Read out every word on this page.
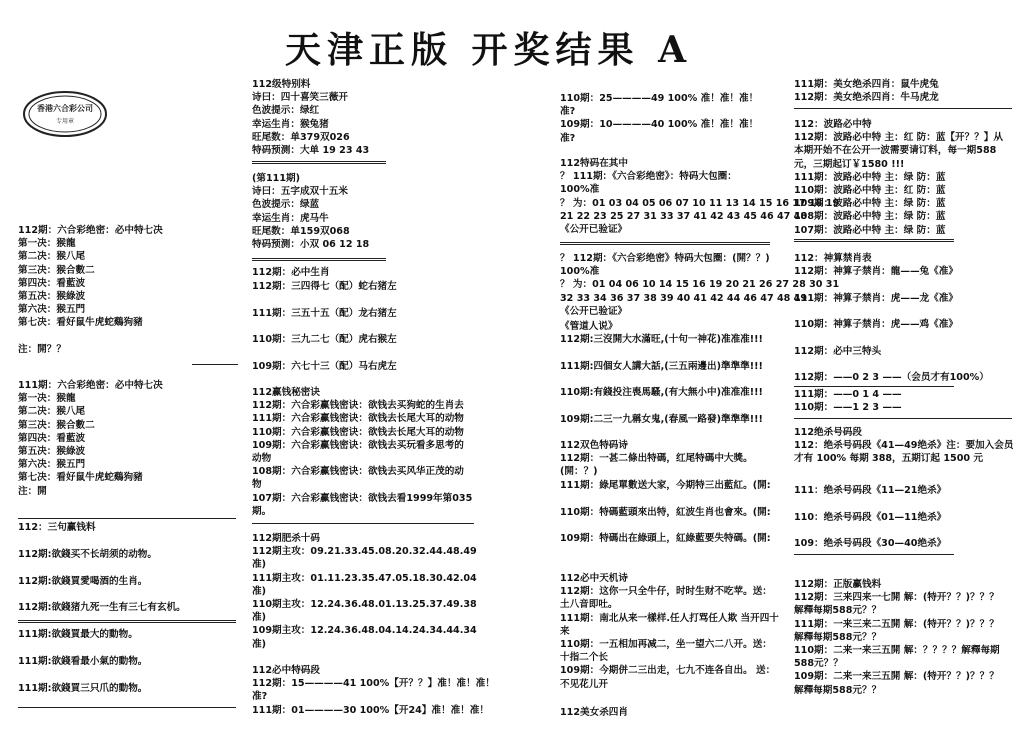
天津正版 开奖结果 A
香港六合彩公司
专用章
112期：六合彩绝密：必中特七决
第一决：猴龍
第二决：猴八尾
第三决：猴合數二
第四决：看藍波
第五决：猴綠波
第六决：猴五門
第七决：看好鼠牛虎蛇鷄狗豬
注：開？？
111期：六合彩绝密：必中特七决
第一决：猴龍
第二决：猴八尾
第三决：猴合數二
第四决：看藍波
第五决：猴綠波
第六决：猴五門
第七决：看好鼠牛虎蛇鷄狗豬
注：開
112：三句赢钱料
112期:欲錢买不长胡须的动物。
112期:欲錢買愛喝酒的生肖。
112期:欲錢猪九死一生有三七有玄机。
111期:欲錢買最大的動物。
111期:欲錢看最小氣的動物。
111期:欲錢買三只爪的動物。
112级特别料
诗曰：四十喜笑三薇开
色波提示：绿红
幸运生肖：猴兔猪
旺尾数：单379双026
特码预测：大单 19 23 43
(第111期)
诗曰：五字成双十五米
色波提示：绿蓝
幸运生肖：虎马牛
旺尾数：单159双068
特码预测：小双 06 12 18
112期：必中生肖
112期：三四得七（配）蛇右猪左
111期：三五十五（配）龙右猪左
110期：三九二七（配）虎右猴左
109期：六七十三（配）马右虎左
112赢钱秘密诀
112期：六合彩赢钱密诀：欲钱去买狗蛇的生肖去
111期：六合彩赢钱密诀：欲钱去长尾大耳的动物
110期：六合彩赢钱密诀：欲钱去长尾大耳的动物
109期：六合彩赢钱密诀：欲钱去买玩看多思考的
动物
108期：六合彩赢钱密诀：欲钱去买风华正茂的动
物
107期：六合彩赢钱密诀：欲钱去看1999年第035
期。
112期肥杀十码
112期主攻：09.21.33.45.08.20.32.44.48.49
准)
111期主攻：01.11.23.35.47.05.18.30.42.04
准)
110期主攻：12.24.36.48.01.13.25.37.49.38
准)
109期主攻：12.24.36.48.04.14.24.34.44.34
准)
112必中特码段
112期：15————41 100%【开？？】准！准！准！
准?
111期：01————30 100%【开24】准！准！准！
110期：25————49 100% 准！准！准！
准?
109期：10————40 100% 准！准！准！
准?
112特码在其中
？ 111期：《六合彩绝密》：特码大包圈：
100%准
？ 为：01 03 04 05 06 07 10 11 13 14 15 16 17 18 19
21 22 23 25 27 31 33 37 41 42 43 45 46 47 48
《公开已验证》
？ 112期：《六合彩绝密》特码大包圈：(開？？)
100%准
？ 为：01 04 06 10 14 15 16 19 20 21 26 27 28 30 31
32 33 34 36 37 38 39 40 41 42 44 46 47 48 49
《公开已验证》
《管道人说》
112期:三沒開大水滿旺,(十句一神花)准准准!!!
111期:四個女人講大話,(三五兩邊出)準準準!!!
110期:有錢投注喪馬騷,(有大無小中)准准准!!!
109期:二三一九稱女鬼,(春風一路發)準準準!!!
112双色特码诗
112期：一甚二條出特碼，红尾特碼中大獎。
(開：？)
111期：綠尾單數送大家，今期特三出藍紅。(開:
110期：特碼藍頭來出特，紅波生肖也會來。(開:
109期：特碼出在綠頭上，紅綠藍要失特碼。(開:
112必中天机诗
112期：这你一只全牛仔，时时生财不吃苹。送：
土八音即吐。
111期：南北从来一樣样.任人打骂任人欺 当开四十
来
110期：一五相加再减二，坐一望六二八开。送：
十指二个长
109期：今期併二三出走，七九不连各自出。 送：
不见花儿开
112美女杀四肖
111期：美女绝杀四肖：鼠牛虎兔
112期：美女绝杀四肖：牛马虎龙
112：波路必中特
112期：波路必中特 主：红 防：蓝【开？？】从
本期开始不在公开一波需要请订料，每一期588
元，三期起订￥1580 !!!
111期：波路必中特 主：绿 防：蓝
110期：波路必中特 主：红 防：蓝
109期：波路必中特 主：绿 防：蓝
108期：波路必中特 主：绿 防：蓝
107期：波路必中特 主：绿 防：蓝
112：神算禁肖表
112期：神算子禁肖：龍——兔《准》
111期：神算子禁肖：虎——龙《准》
110期：神算子禁肖：虎——鸡《准》
112期：必中三特头
112期：——0 2 3 ——（会员才有100%）
111期：——0 1 4 ——
110期：——1 2 3 ——
112绝杀号码段
112：绝杀号码段《41—49绝杀》注：要加入会员
才有 100% 每期 388，五期订起 1500 元
111：绝杀号码段《11—21绝杀》
110：绝杀号码段《01—11绝杀》
109：绝杀号码段《30—40绝杀》
112期：正版赢钱料
112期：三来四来一七開 解：(特开？？)？？？
解釋每期588元？？
111期：一来三来二五開 解：(特开？？)？？？
解釋每期588元？？
110期：二来一来三五開 解：？？？？解釋每期
588元？？
109期：二来一来三五開 解：(特开？？)？？？
解釋每期588元？？
